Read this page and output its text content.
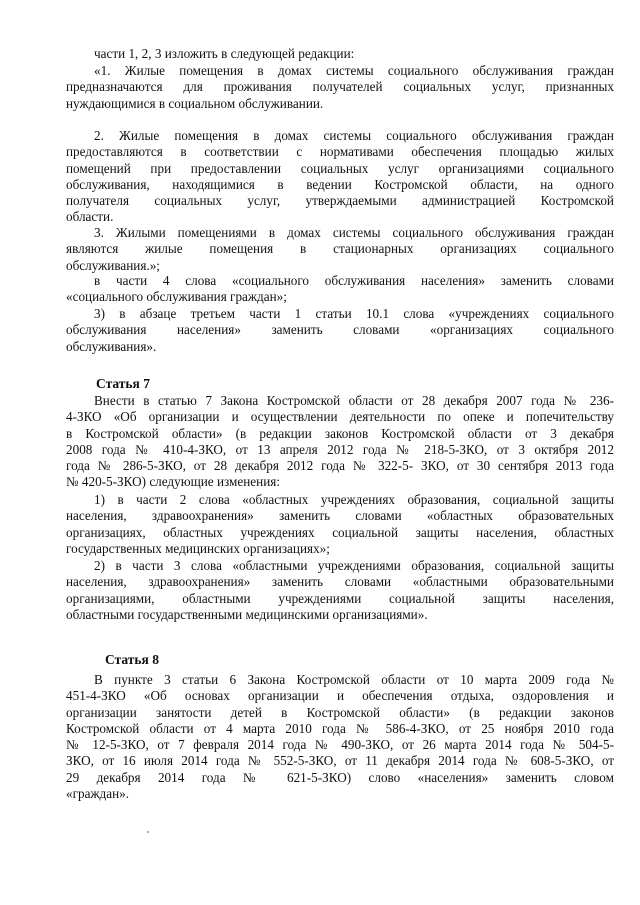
части 1, 2, 3 изложить в следующей редакции:
«1. Жилые помещения в домах системы социального обслуживания граждан
предназначаются для проживания получателей социальных услуг, признанных
нуждающимися в социальном обслуживании.
2. Жилые помещения в домах системы социального обслуживания граждан
предоставляются в соответствии с нормативами обеспечения площадью жилых
помещений при предоставлении социальных услуг организациями социального
обслуживания, находящимися в ведении Костромской области, на одного
получателя социальных услуг, утверждаемыми администрацией Костромской
области.
3. Жилыми помещениями в домах системы социального обслуживания граждан
являются жилые помещения в стационарных организациях социального
обслуживания.»;
в части 4 слова «социального обслуживания населения» заменить словами
«социального обслуживания граждан»;
3) в абзаце третьем части 1 статьи 10.1 слова «учреждениях социального
обслуживания населения» заменить словами «организациях социального
обслуживания».
Статья 7
Внести в статью 7 Закона Костромской области от 28 декабря 2007 года № 236-
4-ЗКО «Об организации и осуществлении деятельности по опеке и попечительству
в Костромской области» (в редакции законов Костромской области от 3 декабря
2008 года № 410-4-ЗКО, от 13 апреля 2012 года № 218-5-ЗКО, от 3 октября 2012
года № 286-5-ЗКО, от 28 декабря 2012 года № 322-5- ЗКО, от 30 сентября 2013 года
№ 420-5-ЗКО) следующие изменения:
1) в части 2 слова «областных учреждениях образования, социальной защиты
населения, здравоохранения» заменить словами «областных образовательных
организациях, областных учреждениях социальной защиты населения, областных
государственных медицинских организациях»;
2) в части 3 слова «областными учреждениями образования, социальной защиты
населения, здравоохранения» заменить словами «областными образовательными
организациями, областными учреждениями социальной защиты населения,
областными государственными медицинскими организациями».
Статья 8
В пункте 3 статьи 6 Закона Костромской области от 10 марта 2009 года №
451-4-ЗКО «Об основах организации и обеспечения отдыха, оздоровления и
организации занятости детей в Костромской области» (в редакции законов
Костромской области от 4 марта 2010 года № 586-4-ЗКО, от 25 ноября 2010 года
№ 12-5-ЗКО, от 7 февраля 2014 года № 490-ЗКО, от 26 марта 2014 года № 504-5-
ЗКО, от 16 июля 2014 года № 552-5-ЗКО, от 11 декабря 2014 года № 608-5-ЗКО, от
29 декабря 2014 года № 621-5-ЗКО) слово «населения» заменить словом
«граждан».
